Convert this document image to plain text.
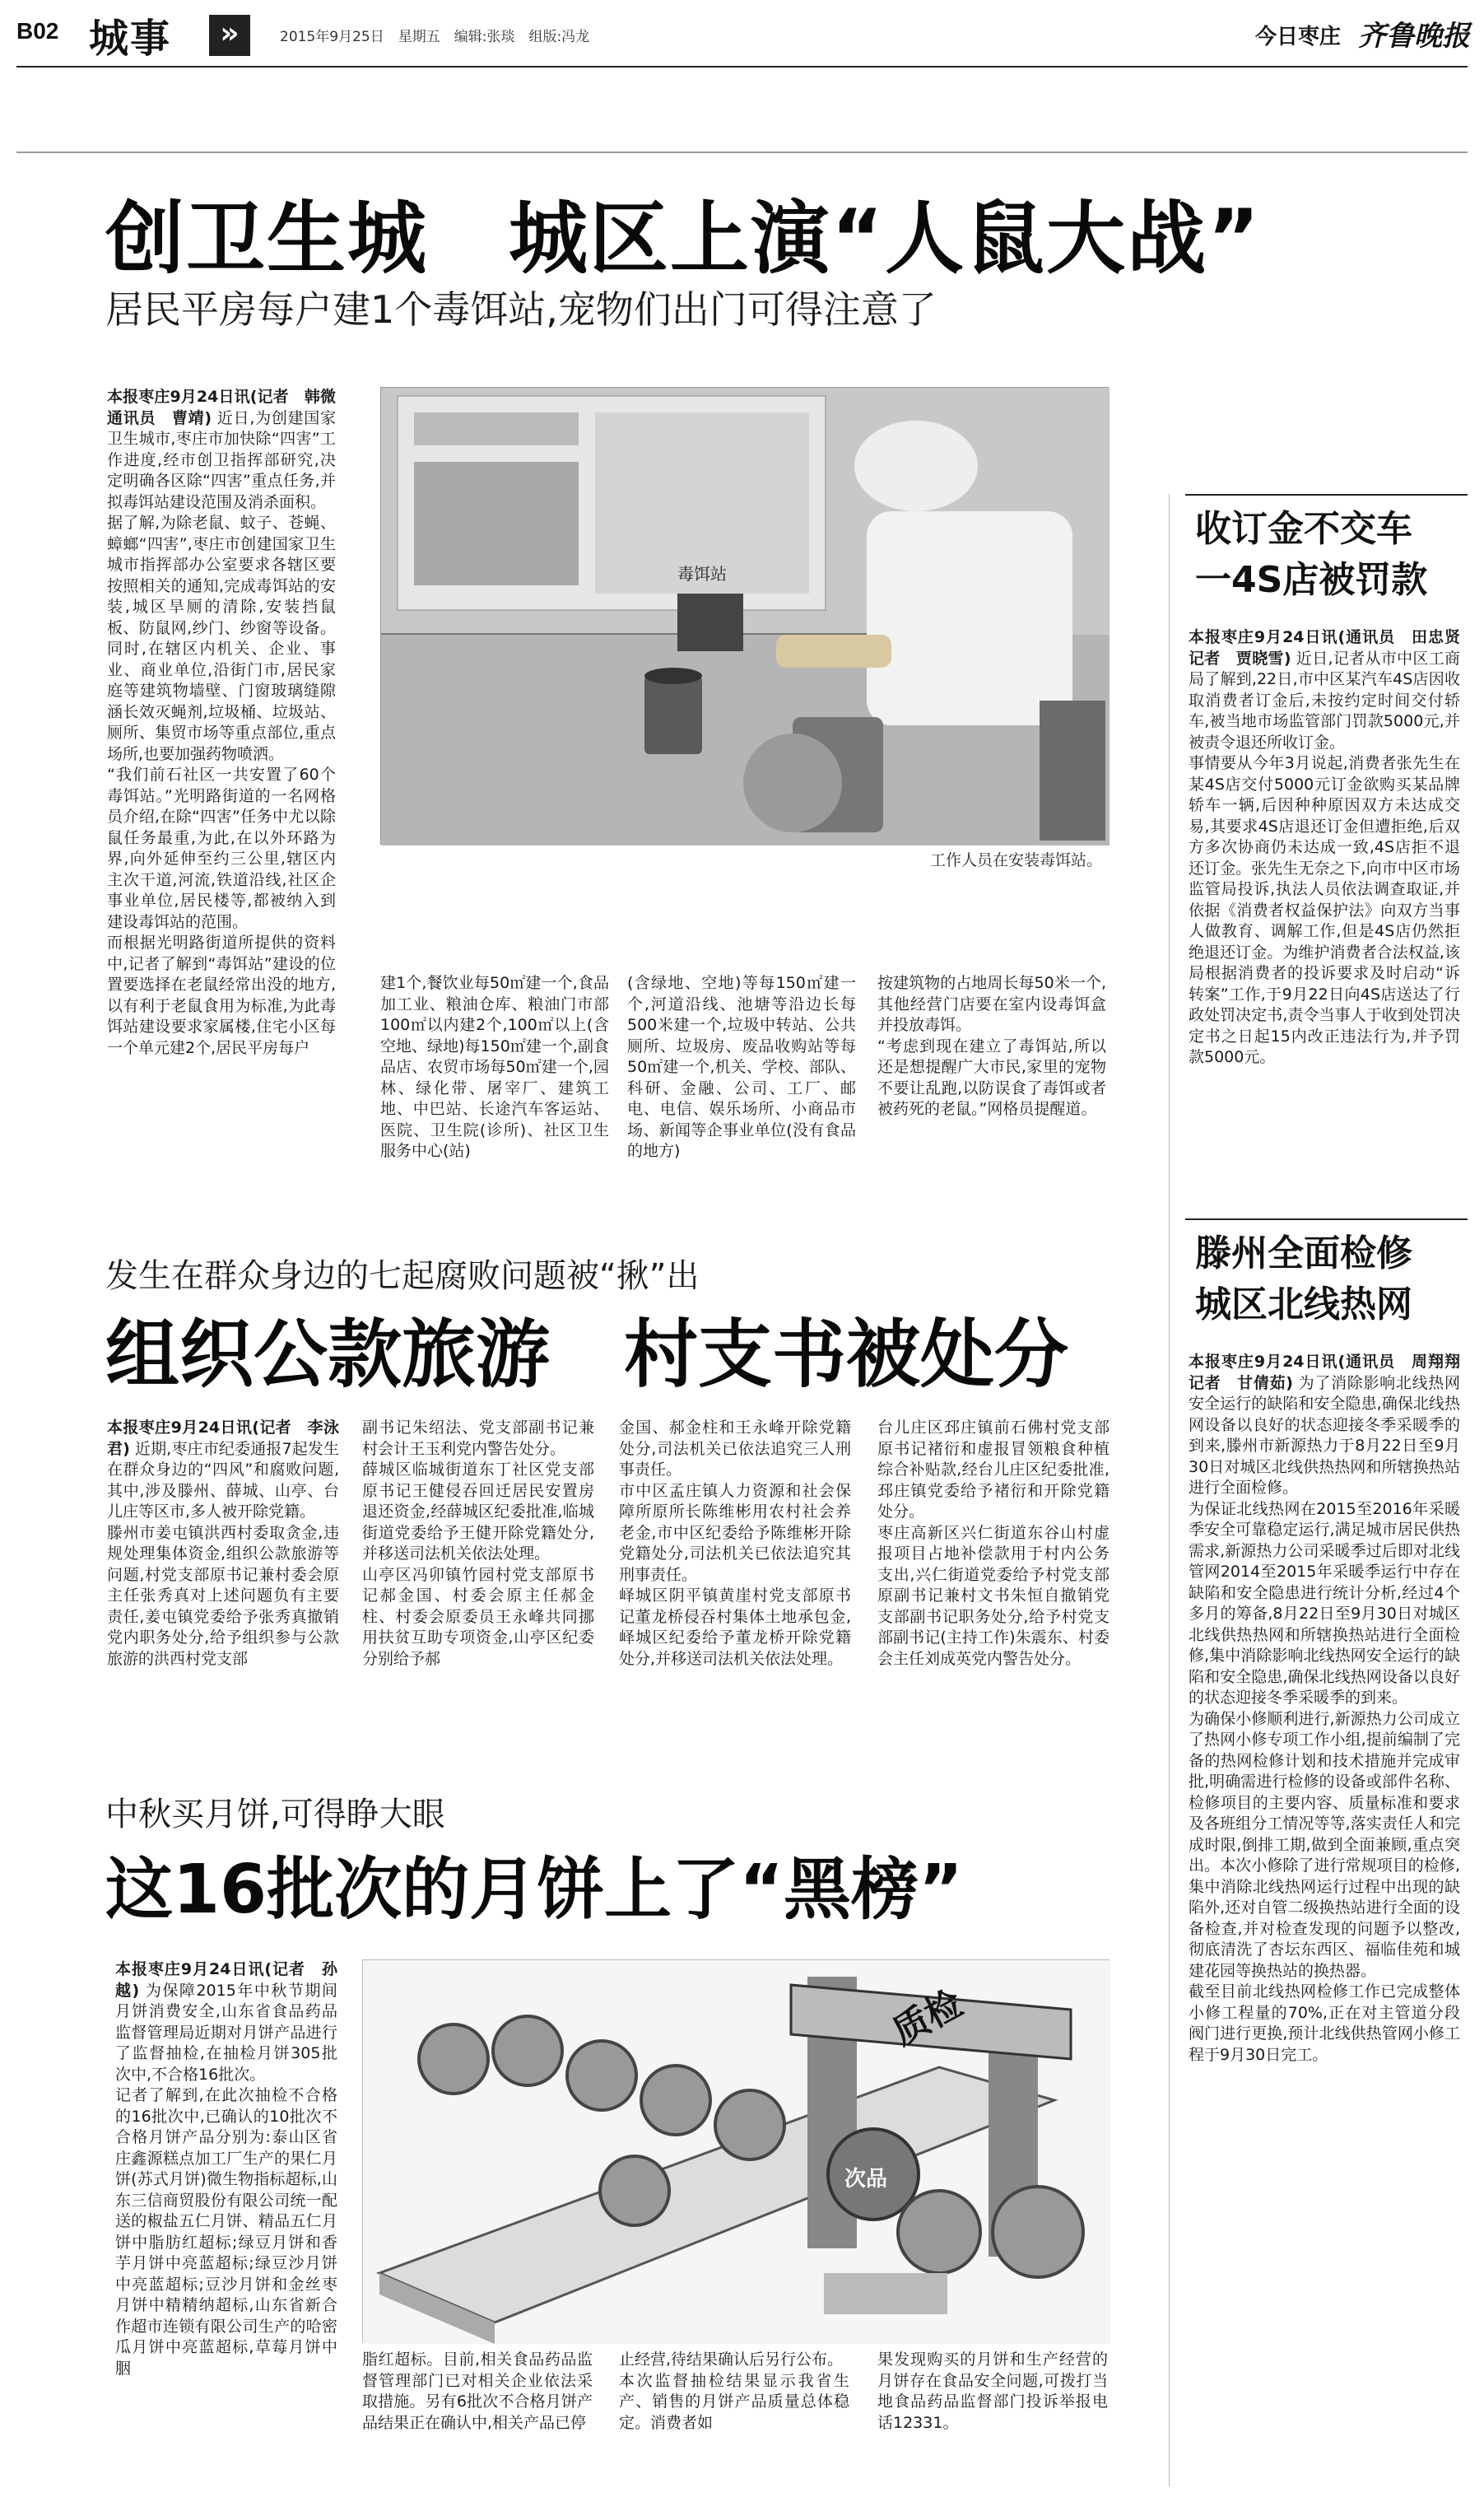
B02 城事	»	2015年9月25日　星期五　编辑:张琰　组版:冯龙	今日枣庄 齐鲁晚报
创卫生城　城区上演“人鼠大战”
居民平房每户建1个毒饵站,宠物们出门可得注意了
本报枣庄9月24日讯(记者　韩微　通讯员　曹靖) 近日,为创建国家卫生城市,枣庄市加快除“四害”工作进度,经市创卫指挥部研究,决定明确各区除“四害”重点任务,并拟毒饵站建设范围及消杀面积。
据了解,为除老鼠、蚊子、苍蝇、蟑螂“四害”,枣庄市创建国家卫生城市指挥部办公室要求各辖区要按照相关的通知,完成毒饵站的安装,城区旱厕的清除,安装挡鼠板、防鼠网,纱门、纱窗等设备。同时,在辖区内机关、企业、事业、商业单位,沿街门市,居民家庭等建筑物墙壁、门窗玻璃缝隙涵长效灭蝇剂,垃圾桶、垃圾站、厕所、集贸市场等重点部位,重点场所,也要加强药物喷洒。
“我们前石社区一共安置了60个毒饵站。”光明路街道的一名网格员介绍,在除“四害”任务中尤以除鼠任务最重,为此,在以外环路为界,向外延伸至约三公里,辖区内主次干道,河流,铁道沿线,社区企事业单位,居民楼等,都被纳入到建设毒饵站的范围。
而根据光明路街道所提供的资料中,记者了解到“毒饵站”建设的位置要选择在老鼠经常出没的地方,以有利于老鼠食用为标准,为此毒饵站建设要求家属楼,住宅小区每一个单元建2个,居民平房每户
毒饵站
工作人员在安装毒饵站。
建1个,餐饮业每50㎡建一个,食品加工业、粮油仓库、粮油门市部100㎡以内建2个,100㎡以上(含空地、绿地)每150㎡建一个,副食品店、农贸市场每50㎡建一个,园林、绿化带、屠宰厂、建筑工地、中巴站、长途汽车客运站、医院、卫生院(诊所)、社区卫生服务中心(站)
(含绿地、空地)等每150㎡建一个,河道沿线、池塘等沿边长每500米建一个,垃圾中转站、公共厕所、垃圾房、废品收购站等每50㎡建一个,机关、学校、部队、科研、金融、公司、工厂、邮电、电信、娱乐场所、小商品市场、新闻等企事业单位(没有食品的地方)
按建筑物的占地周长每50米一个,其他经营门店要在室内设毒饵盒并投放毒饵。
“考虑到现在建立了毒饵站,所以还是想提醒广大市民,家里的宠物不要让乱跑,以防误食了毒饵或者被药死的老鼠。”网格员提醒道。
收订金不交车
一4S店被罚款
本报枣庄9月24日讯(通讯员　田忠贤　记者　贾晓雪) 近日,记者从市中区工商局了解到,22日,市中区某汽车4S店因收取消费者订金后,未按约定时间交付轿车,被当地市场监管部门罚款5000元,并被责令退还所收订金。
事情要从今年3月说起,消费者张先生在某4S店交付5000元订金欲购买某品牌轿车一辆,后因种种原因双方未达成交易,其要求4S店退还订金但遭拒绝,后双方多次协商仍未达成一致,4S店拒不退还订金。张先生无奈之下,向市中区市场监管局投诉,执法人员依法调查取证,并依据《消费者权益保护法》向双方当事人做教育、调解工作,但是4S店仍然拒绝退还订金。为维护消费者合法权益,该局根据消费者的投诉要求及时启动“诉转案”工作,于9月22日向4S店送达了行政处罚决定书,责令当事人于收到处罚决定书之日起15内改正违法行为,并予罚款5000元。
发生在群众身边的七起腐败问题被“揪”出
组织公款旅游　村支书被处分
本报枣庄9月24日讯(记者　李泳君) 近期,枣庄市纪委通报7起发生在群众身边的“四风”和腐败问题,其中,涉及滕州、薛城、山亭、台儿庄等区市,多人被开除党籍。
滕州市姜屯镇洪西村委取贪金,违规处理集体资金,组织公款旅游等问题,村党支部原书记兼村委会原主任张秀真对上述问题负有主要责任,姜屯镇党委给予张秀真撤销党内职务处分,给予组织参与公款旅游的洪西村党支部
副书记朱绍法、党支部副书记兼村会计王玉利党内警告处分。
薛城区临城街道东丁社区党支部原书记王健侵吞回迁居民安置房退还资金,经薛城区纪委批准,临城街道党委给予王健开除党籍处分,并移送司法机关依法处理。
山亭区冯卯镇竹园村党支部原书记郝金国、村委会原主任郝金柱、村委会原委员王永峰共同挪用扶贫互助专项资金,山亭区纪委分别给予郝
金国、郝金柱和王永峰开除党籍处分,司法机关已依法追究三人刑事责任。
市中区孟庄镇人力资源和社会保障所原所长陈维彬用农村社会养老金,市中区纪委给予陈维彬开除党籍处分,司法机关已依法追究其刑事责任。
峄城区阴平镇黄崖村党支部原书记董龙桥侵吞村集体土地承包金,峄城区纪委给予董龙桥开除党籍处分,并移送司法机关依法处理。
台儿庄区邳庄镇前石佛村党支部原书记褚衍和虚报冒领粮食种植综合补贴款,经台儿庄区纪委批准,邳庄镇党委给予褚衍和开除党籍处分。
枣庄高新区兴仁街道东谷山村虚报项目占地补偿款用于村内公务支出,兴仁街道党委给予村党支部原副书记兼村文书朱恒自撤销党支部副书记职务处分,给予村党支部副书记(主持工作)朱震东、村委会主任刘成英党内警告处分。
滕州全面检修
城区北线热网
本报枣庄9月24日讯(通讯员　周翔翔　记者　甘倩茹) 为了消除影响北线热网安全运行的缺陷和安全隐患,确保北线热网设备以良好的状态迎接冬季采暖季的到来,滕州市新源热力于8月22日至9月30日对城区北线供热热网和所辖换热站进行全面检修。
为保证北线热网在2015至2016年采暖季安全可靠稳定运行,满足城市居民供热需求,新源热力公司采暖季过后即对北线管网2014至2015年采暖季运行中存在缺陷和安全隐患进行统计分析,经过4个多月的筹备,8月22日至9月30日对城区北线供热热网和所辖换热站进行全面检修,集中消除影响北线热网安全运行的缺陷和安全隐患,确保北线热网设备以良好的状态迎接冬季采暖季的到来。
为确保小修顺利进行,新源热力公司成立了热网小修专项工作小组,提前编制了完备的热网检修计划和技术措施并完成审批,明确需进行检修的设备或部件名称、检修项目的主要内容、质量标准和要求及各班组分工情况等等,落实责任人和完成时限,倒排工期,做到全面兼顾,重点突出。本次小修除了进行常规项目的检修,集中消除北线热网运行过程中出现的缺陷外,还对自管二级换热站进行全面的设备检查,并对检查发现的问题予以整改,彻底清洗了杏坛东西区、福临佳苑和城建花园等换热站的换热器。
截至目前北线热网检修工作已完成整体小修工程量的70%,正在对主管道分段阀门进行更换,预计北线供热管网小修工程于9月30日完工。
中秋买月饼,可得睁大眼
这16批次的月饼上了“黑榜”
本报枣庄9月24日讯(记者　孙越) 为保障2015年中秋节期间月饼消费安全,山东省食品药品监督管理局近期对月饼产品进行了监督抽检,在抽检月饼305批次中,不合格16批次。
记者了解到,在此次抽检不合格的16批次中,已确认的10批次不合格月饼产品分别为:泰山区省庄鑫源糕点加工厂生产的果仁月饼(苏式月饼)微生物指标超标,山东三信商贸股份有限公司统一配送的椒盐五仁月饼、精品五仁月饼中脂肪红超标;绿豆月饼和香芋月饼中亮蓝超标;绿豆沙月饼中亮蓝超标;豆沙月饼和金丝枣月饼中精精纳超标,山东省新合作超市连锁有限公司生产的哈密瓜月饼中亮蓝超标,草莓月饼中胭
质检
次品
脂红超标。目前,相关食品药品监督管理部门已对相关企业依法采取措施。另有6批次不合格月饼产品结果正在确认中,相关产品已停
止经营,待结果确认后另行公布。
本次监督抽检结果显示我省生产、销售的月饼产品质量总体稳定。消费者如
果发现购买的月饼和生产经营的月饼存在食品安全问题,可拨打当地食品药品监督部门投诉举报电话12331。
